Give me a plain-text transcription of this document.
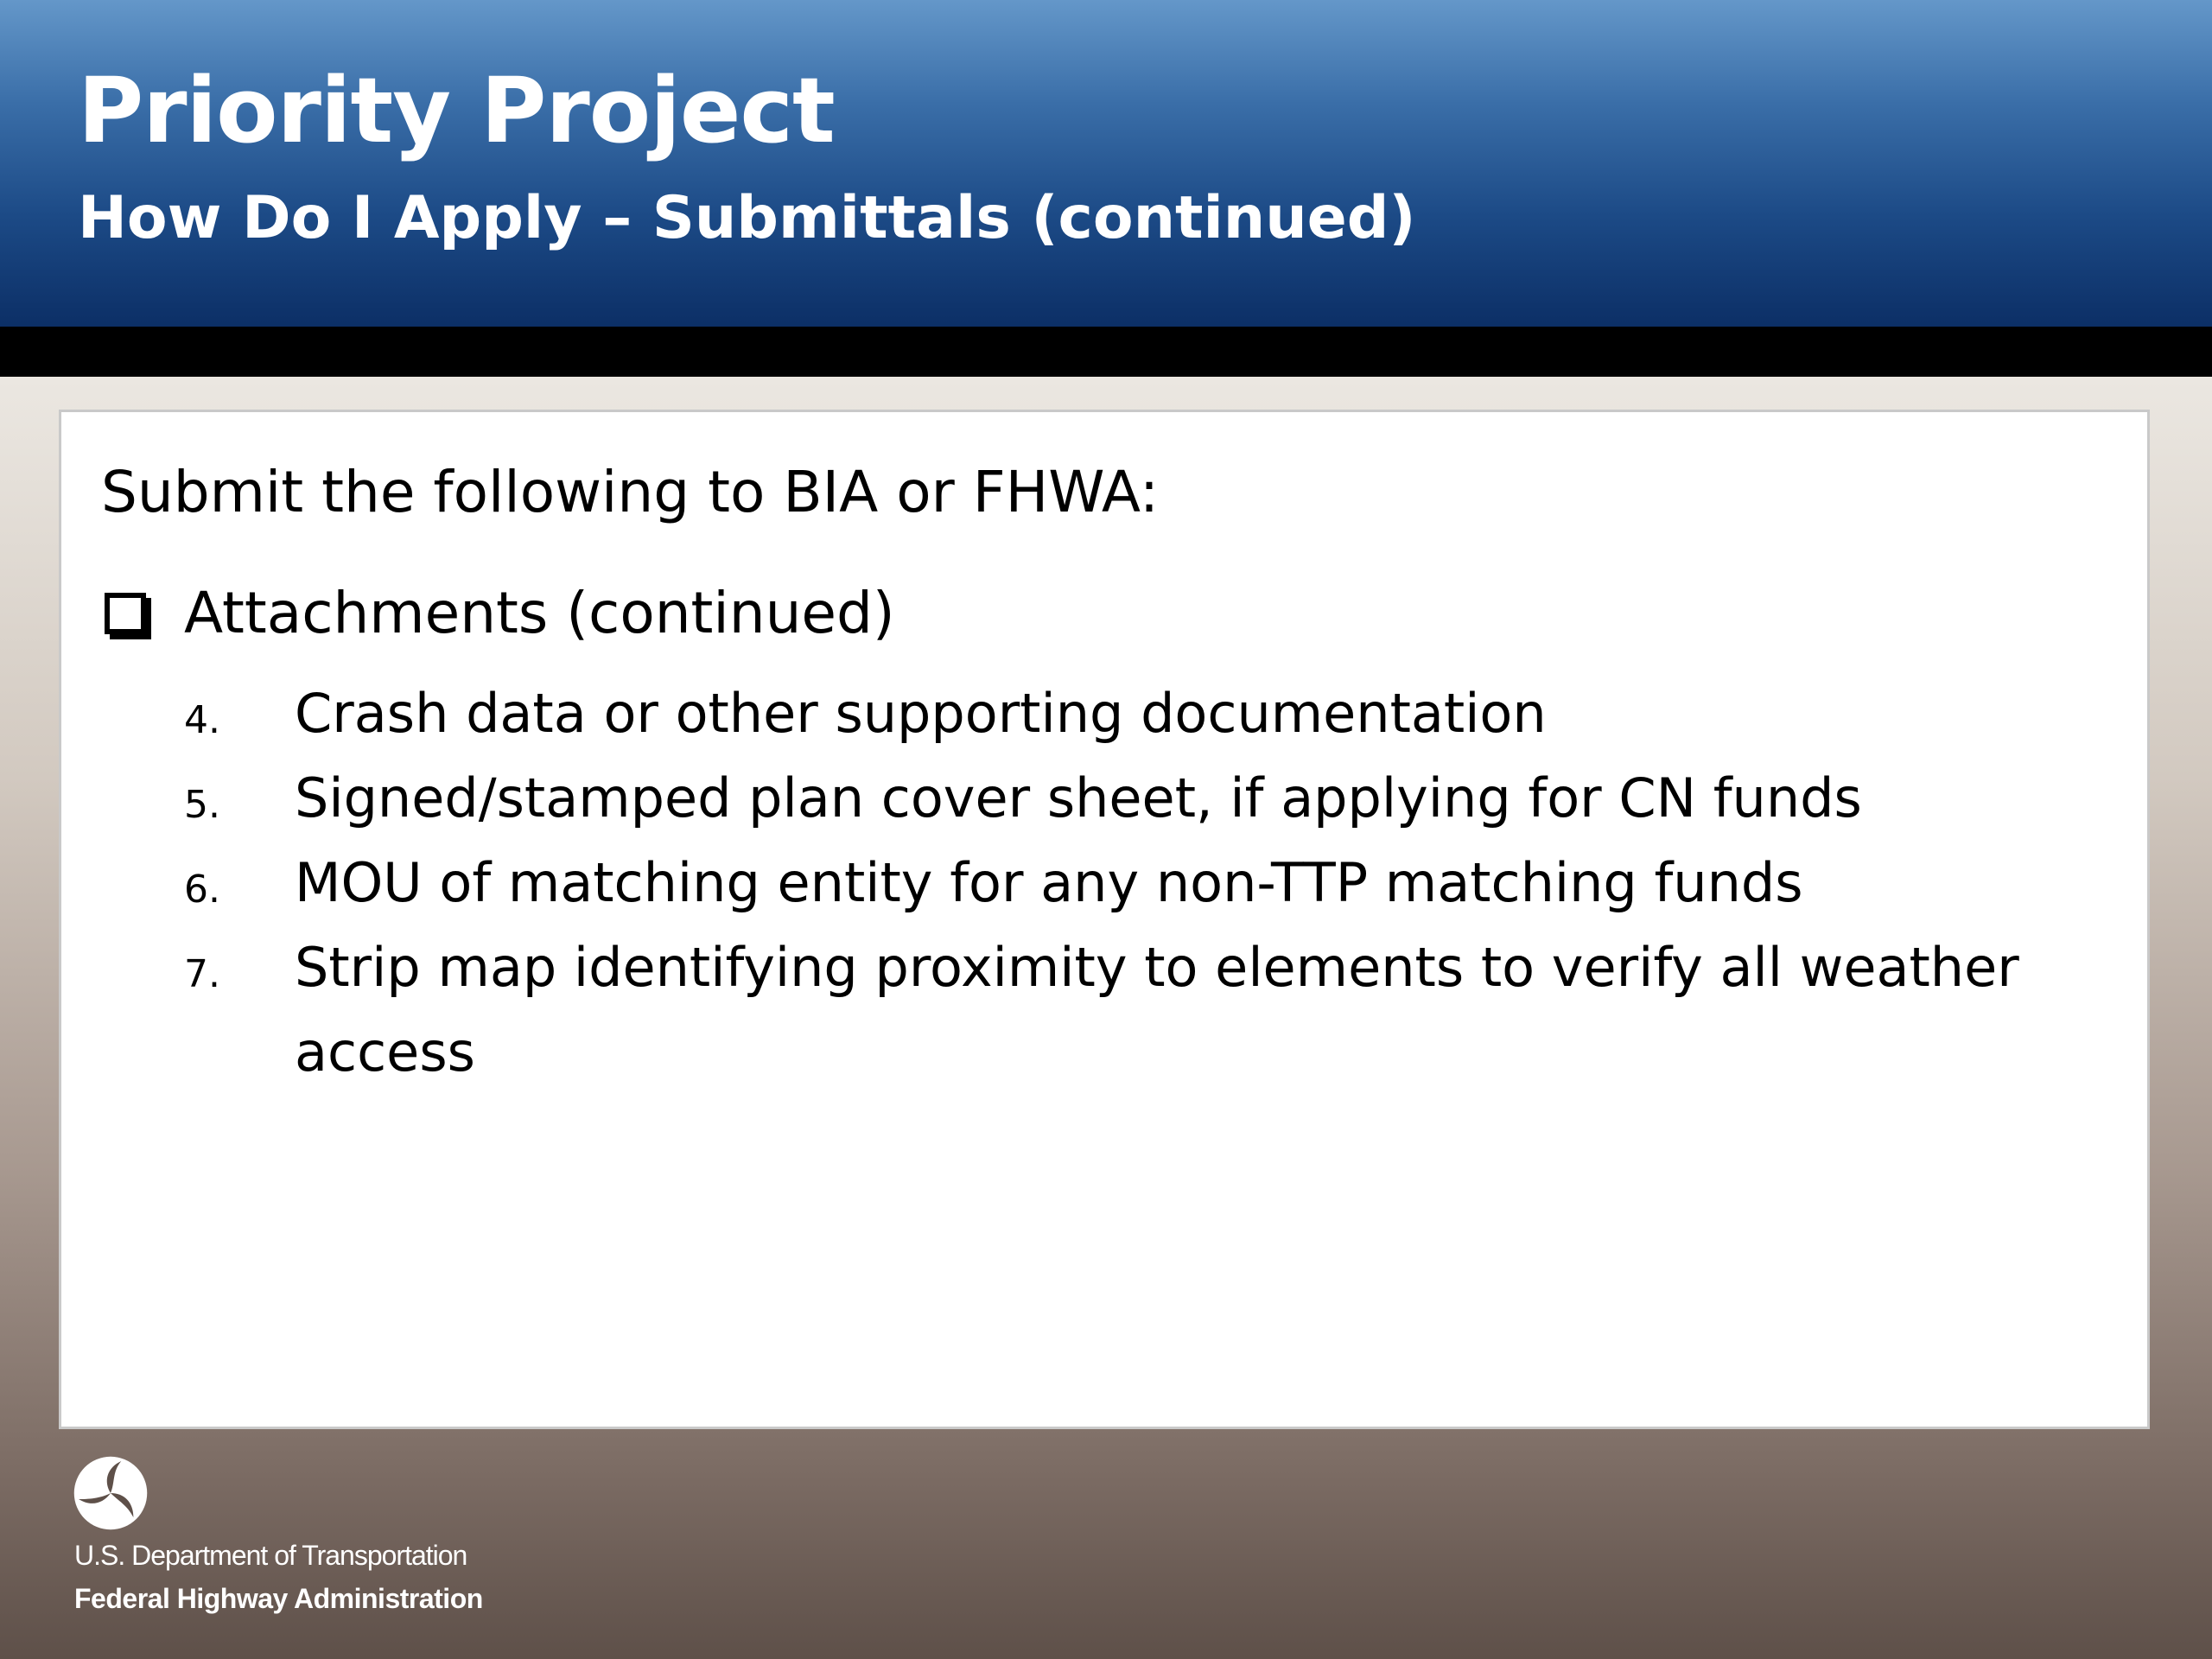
Priority Project
How Do I Apply – Submittals (continued)

Submit the following to BIA or FHWA:

Attachments (continued)
4. Crash data or other supporting documentation
5. Signed/stamped plan cover sheet, if applying for CN funds
6. MOU of matching entity for any non-TTP matching funds
7. Strip map identifying proximity to elements to verify all weather access

U.S. Department of Transportation

Federal Highway Administration
